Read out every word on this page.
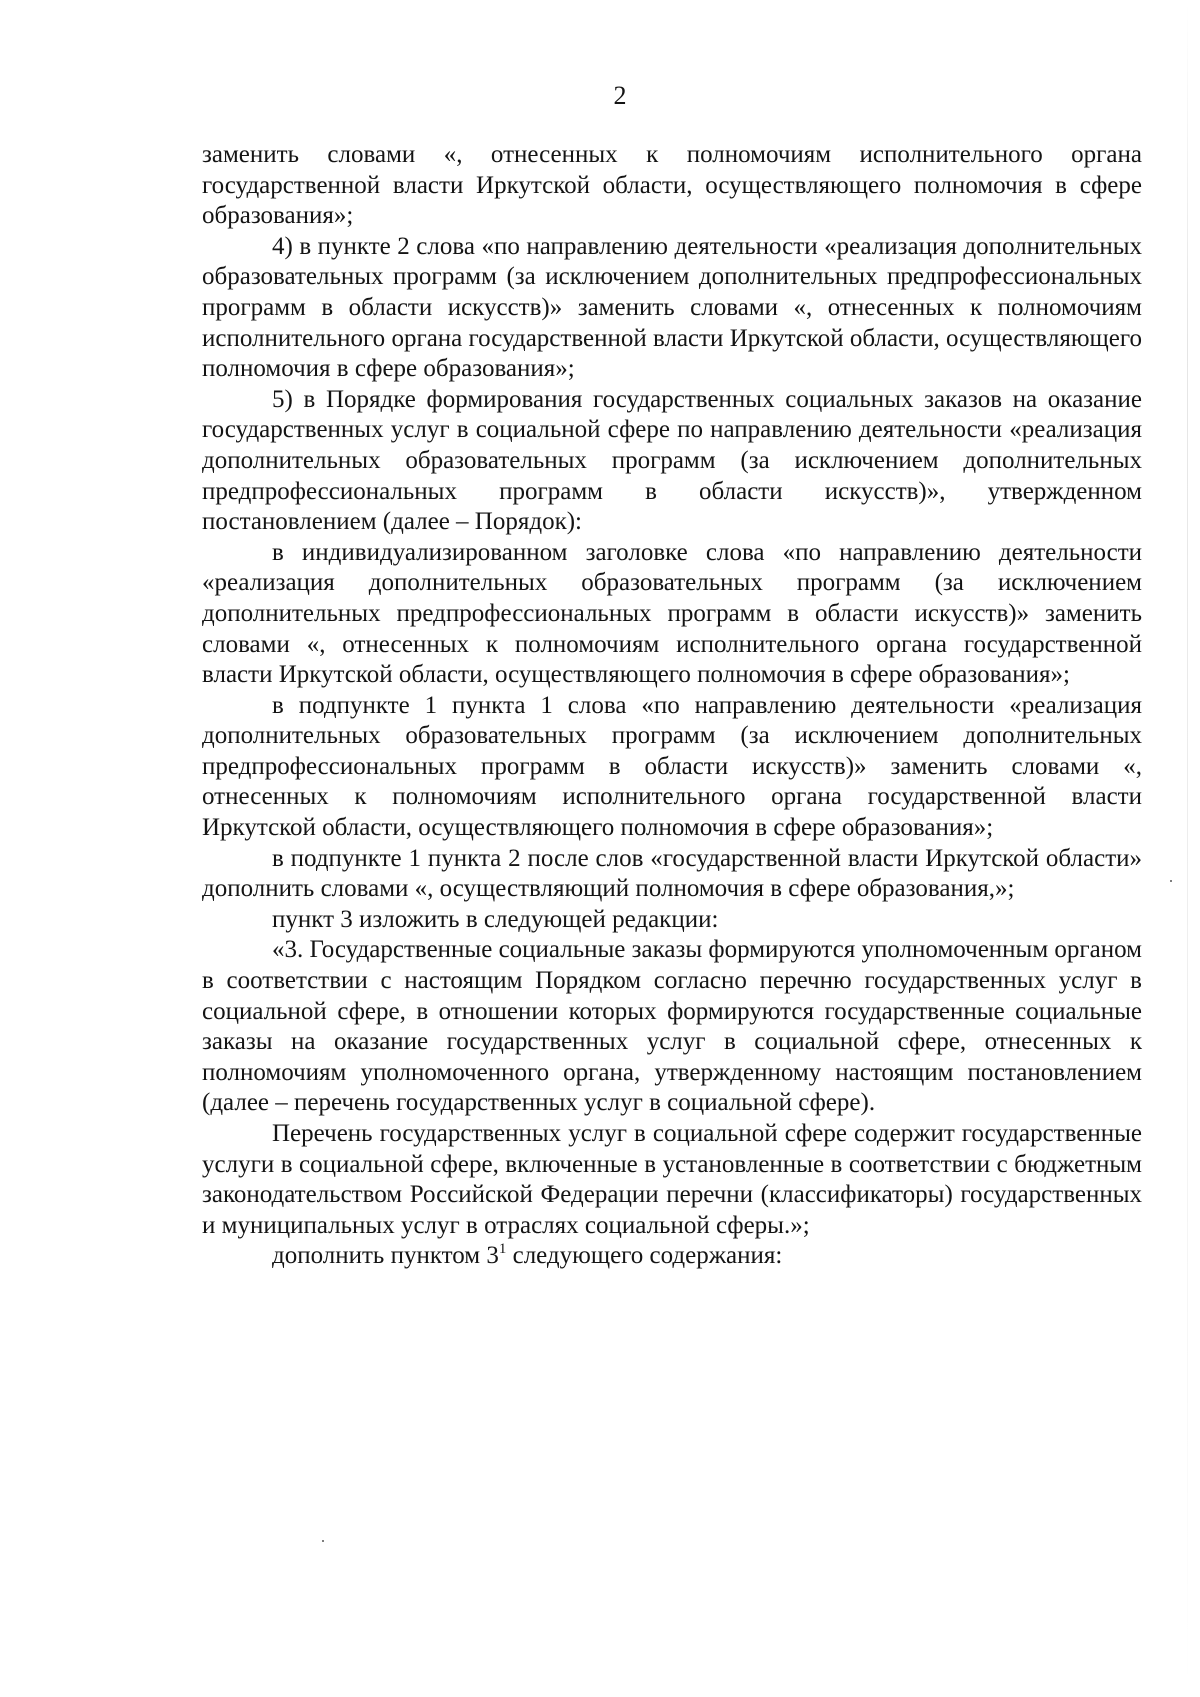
2

заменить словами «, отнесенных к полномочиям исполнительного органа государственной власти Иркутской области, осуществляющего полномочия в сфере образования»;

4) в пункте 2 слова «по направлению деятельности «реализация дополнительных образовательных программ (за исключением дополнительных предпрофессиональных программ в области искусств)» заменить словами «, отнесенных к полномочиям исполнительного органа государственной власти Иркутской области, осуществляющего полномочия в сфере образования»;

5) в Порядке формирования государственных социальных заказов на оказание государственных услуг в социальной сфере по направлению деятельности «реализация дополнительных образовательных программ (за исключением дополнительных предпрофессиональных программ в области искусств)», утвержденном постановлением (далее – Порядок):

в индивидуализированном заголовке слова «по направлению деятельности «реализация дополнительных образовательных программ (за исключением дополнительных предпрофессиональных программ в области искусств)» заменить словами «, отнесенных к полномочиям исполнительного органа государственной власти Иркутской области, осуществляющего полномочия в сфере образования»;

в подпункте 1 пункта 1 слова «по направлению деятельности «реализация дополнительных образовательных программ (за исключением дополнительных предпрофессиональных программ в области искусств)» заменить словами «, отнесенных к полномочиям исполнительного органа государственной власти Иркутской области, осуществляющего полномочия в сфере образования»;

в подпункте 1 пункта 2 после слов «государственной власти Иркутской области» дополнить словами «, осуществляющий полномочия в сфере образования,»;

пункт 3 изложить в следующей редакции:

«3. Государственные социальные заказы формируются уполномоченным органом в соответствии с настоящим Порядком согласно перечню государственных услуг в социальной сфере, в отношении которых формируются государственные социальные заказы на оказание государственных услуг в социальной сфере, отнесенных к полномочиям уполномоченного органа, утвержденному настоящим постановлением (далее – перечень государственных услуг в социальной сфере).

Перечень государственных услуг в социальной сфере содержит государственные услуги в социальной сфере, включенные в установленные в соответствии с бюджетным законодательством Российской Федерации перечни (классификаторы) государственных и муниципальных услуг в отраслях социальной сферы.»;

дополнить пунктом $3^1$ следующего содержания:
